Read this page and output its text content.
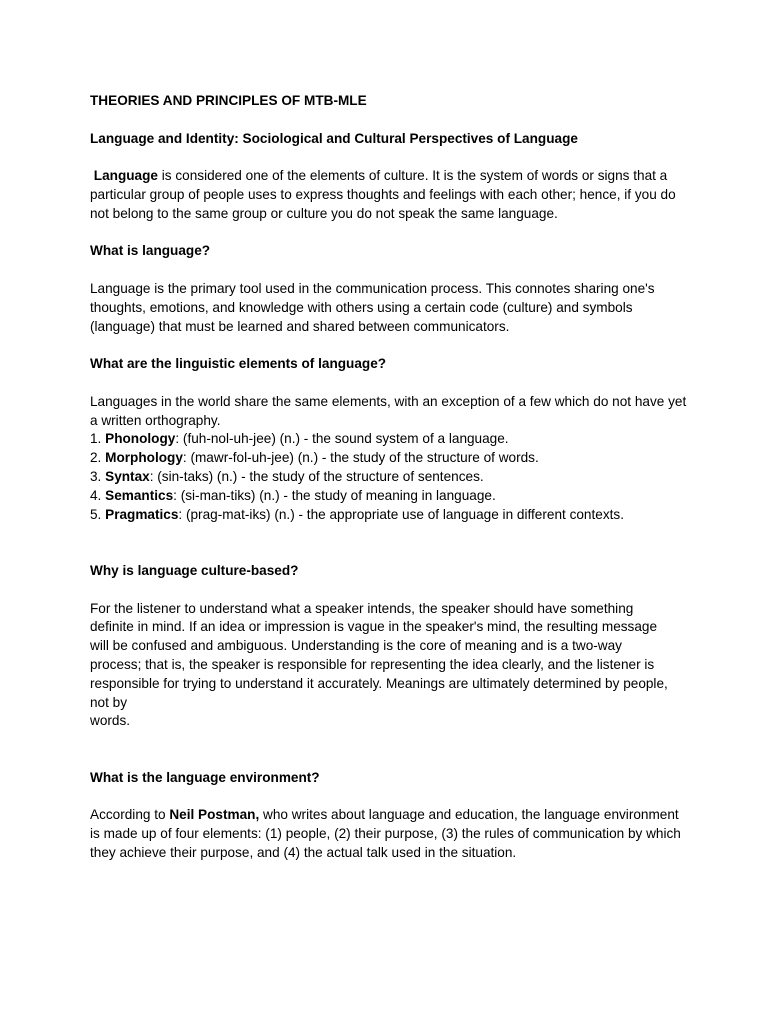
THEORIES AND PRINCIPLES OF MTB-MLE

Language and Identity: Sociological and Cultural Perspectives of Language

Language is considered one of the elements of culture. It is the system of words or signs that a particular group of people uses to express thoughts and feelings with each other; hence, if you do not belong to the same group or culture you do not speak the same language.

What is language?

Language is the primary tool used in the communication process. This connotes sharing one's thoughts, emotions, and knowledge with others using a certain code (culture) and symbols (language) that must be learned and shared between communicators.

What are the linguistic elements of language?

Languages in the world share the same elements, with an exception of a few which do not have yet a written orthography.

1. Phonology: (fuh-nol-uh-jee) (n.) - the sound system of a language.

2. Morphology: (mawr-fol-uh-jee) (n.) - the study of the structure of words.

3. Syntax: (sin-taks) (n.) - the study of the structure of sentences.

4. Semantics: (si-man-tiks) (n.) - the study of meaning in language.

5. Pragmatics: (prag-mat-iks) (n.) - the appropriate use of language in different contexts.

Why is language culture-based?

For the listener to understand what a speaker intends, the speaker should have something

definite in mind. If an idea or impression is vague in the speaker's mind, the resulting message

will be confused and ambiguous. Understanding is the core of meaning and is a two-way

process; that is, the speaker is responsible for representing the idea clearly, and the listener is

responsible for trying to understand it accurately. Meanings are ultimately determined by people,

not by

words.

What is the language environment?

According to Neil Postman, who writes about language and education, the language environment is made up of four elements: (1) people, (2) their purpose, (3) the rules of communication by which they achieve their purpose, and (4) the actual talk used in the situation.
